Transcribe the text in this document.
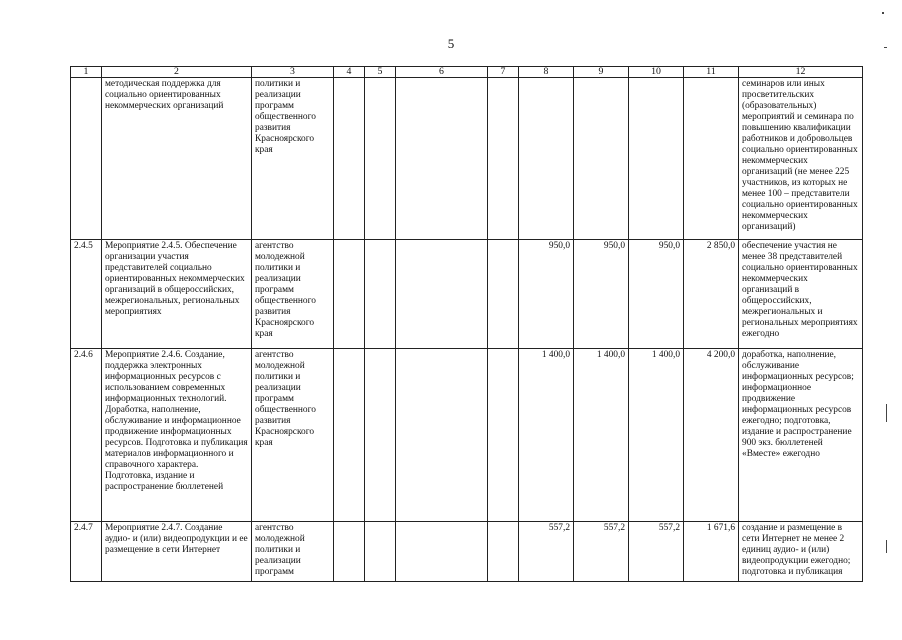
5
1	2	3	4	5	6	7	8	9	10	11	12
	методическая поддержка для социально ориентированных некоммерческих организаций	политики и реализации программ общественного развития Красноярского края									семинаров или иных просветительских (образовательных) мероприятий и семинара по повышению квалификации работников и добровольцев социально ориентированных некоммерческих организаций (не менее 225 участников, из которых не менее 100 – представители социально ориентированных некоммерческих организаций)
2.4.5	Мероприятие 2.4.5. Обеспечение организации участия представителей социально ориентированных некоммерческих организаций в общероссийских, межрегиональных, региональных мероприятиях	агентство молодежной политики и реализации программ общественного развития Красноярского края					950,0	950,0	950,0	2 850,0	обеспечение участия не менее 38 представителей социально ориентированных некоммерческих организаций в общероссийских, межрегиональных и региональных мероприятиях ежегодно
2.4.6	Мероприятие 2.4.6. Создание, поддержка электронных информационных ресурсов с использованием современных информационных технологий. Доработка, наполнение, обслуживание и информационное продвижение информационных ресурсов. Подготовка и публикация материалов информационного и справочного характера. Подготовка, издание и распространение бюллетеней	агентство молодежной политики и реализации программ общественного развития Красноярского края					1 400,0	1 400,0	1 400,0	4 200,0	доработка, наполнение, обслуживание информационных ресурсов; информационное продвижение информационных ресурсов ежегодно; подготовка, издание и распространение 900 экз. бюллетеней «Вместе» ежегодно
2.4.7	Мероприятие 2.4.7. Создание аудио- и (или) видеопродукции и ее размещение в сети Интернет	агентство молодежной политики и реализации программ					557,2	557,2	557,2	1 671,6	создание и размещение в сети Интернет не менее 2 единиц аудио- и (или) видеопродукции ежегодно; подготовка и публикация
